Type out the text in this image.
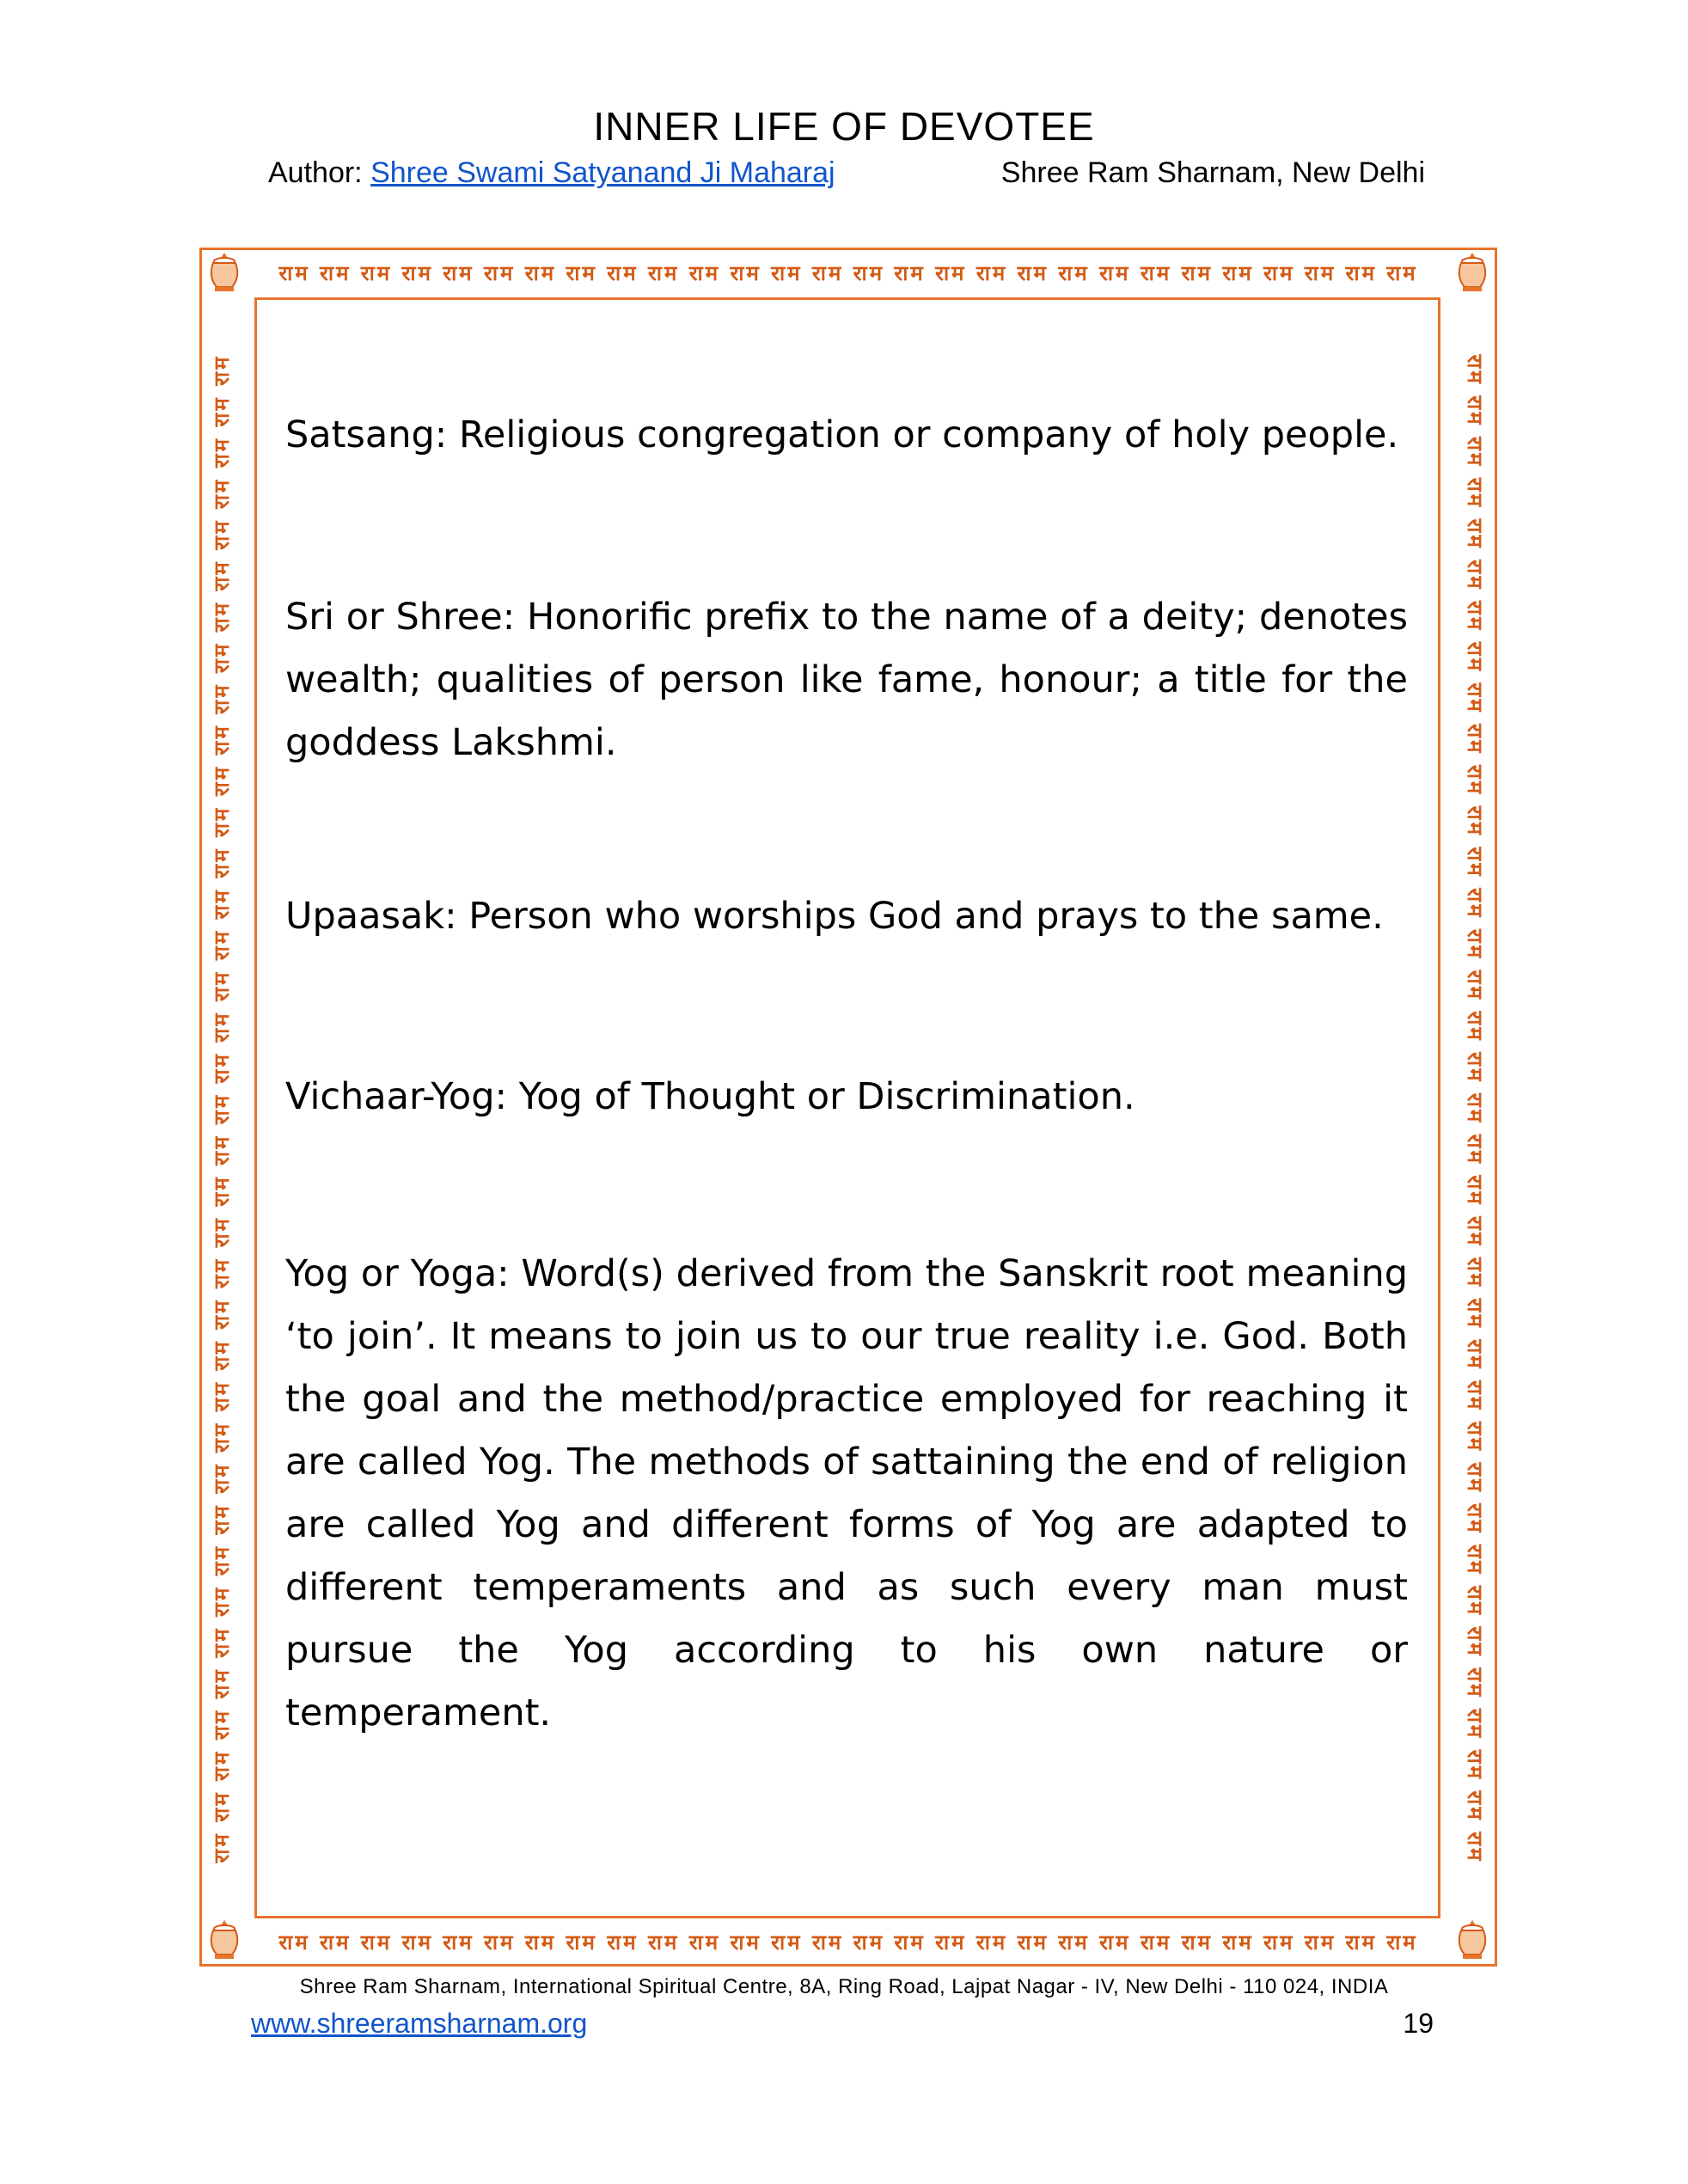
INNER LIFE OF DEVOTEE
Author: Shree Swami Satyanand Ji Maharaj	Shree Ram Sharnam, New Delhi
राम राम राम राम राम राम राम राम राम राम राम राम राम राम राम राम राम राम राम राम राम राम राम राम राम राम राम राम
राम राम राम राम राम राम राम राम राम राम राम राम राम राम राम राम राम राम राम राम राम राम राम राम राम राम राम राम
राम राम राम राम राम राम राम राम राम राम राम राम राम राम राम राम राम राम राम राम राम राम राम राम राम राम राम राम राम राम राम राम राम राम राम राम राम	राम राम राम राम राम राम राम राम राम राम राम राम राम राम राम राम राम राम राम राम राम राम राम राम राम राम राम राम राम राम राम राम राम राम राम राम राम

Satsang: Religious congregation or company of holy people.

Sri or Shree: Honorific prefix to the name of a deity; denotes wealth; qualities of person like fame, honour; a title for the goddess Lakshmi.

Upaasak: Person who worships God and prays to the same.

Vichaar-Yog: Yog of Thought or Discrimination.

Yog or Yoga: Word(s) derived from the Sanskrit root meaning ‘to join’. It means to join us to our true reality i.e. God. Both the goal and the method/practice employed for reaching it are called Yog. The methods of sattaining the end of religion are called Yog and different forms of Yog are adapted to different temperaments and as such every man must pursue the Yog according to his own nature or temperament.

Shree Ram Sharnam, International Spiritual Centre, 8A, Ring Road, Lajpat Nagar - IV, New Delhi - 110 024, INDIA
www.shreeramsharnam.org	19
